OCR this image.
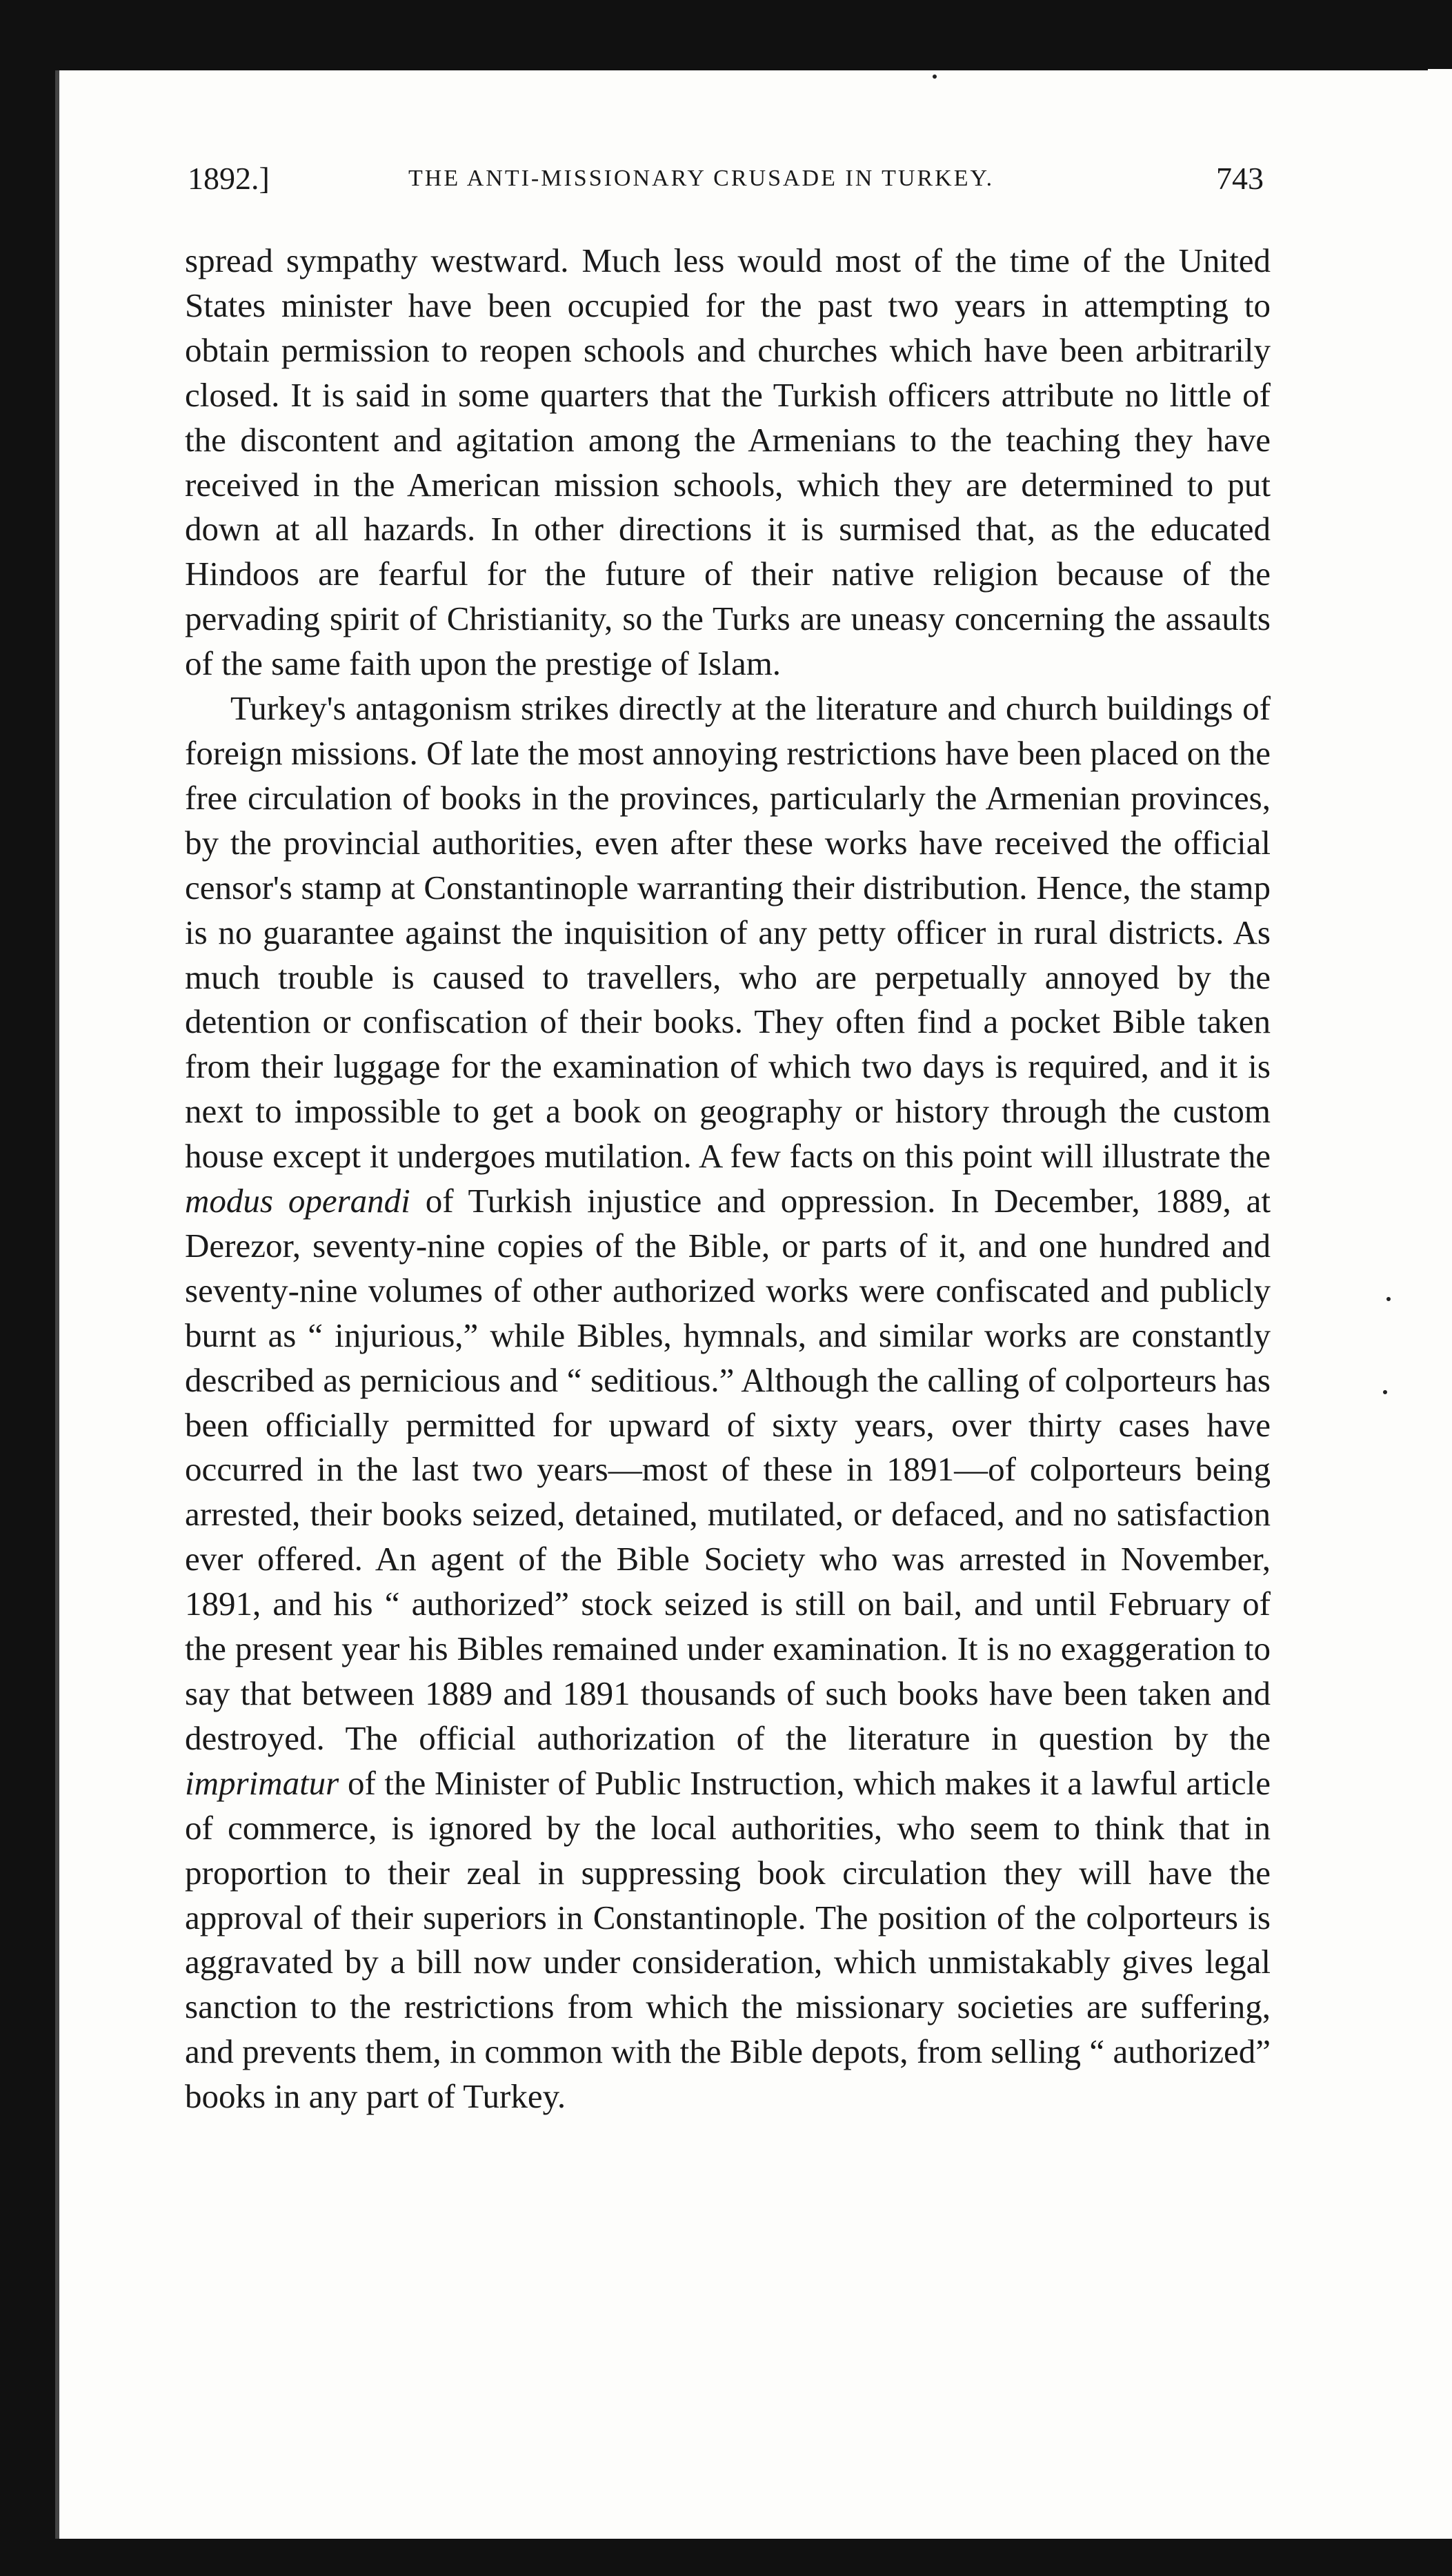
1892.]	THE ANTI-MISSIONARY CRUSADE IN TURKEY.	743

spread sympathy westward. Much less would most of the time of the United States minister have been occupied for the past two years in attempting to obtain permission to reopen schools and churches which have been arbitrarily closed. It is said in some quarters that the Turkish officers attribute no little of the discontent and agitation among the Armenians to the teaching they have received in the American mission schools, which they are determined to put down at all hazards. In other directions it is surmised that, as the educated Hindoos are fearful for the future of their native religion because of the pervading spirit of Christianity, so the Turks are uneasy concerning the assaults of the same faith upon the prestige of Islam.

Turkey's antagonism strikes directly at the literature and church buildings of foreign missions. Of late the most annoying restrictions have been placed on the free circulation of books in the provinces, particularly the Armenian provinces, by the provincial authorities, even after these works have received the official censor's stamp at Constantinople warranting their distribution. Hence, the stamp is no guarantee against the inquisition of any petty officer in rural districts. As much trouble is caused to travellers, who are perpetually annoyed by the detention or confiscation of their books. They often find a pocket Bible taken from their luggage for the examination of which two days is required, and it is next to impossible to get a book on geography or history through the custom house except it undergoes mutilation. A few facts on this point will illustrate the modus operandi of Turkish injustice and oppression. In December, 1889, at Derezor, seventy-nine copies of the Bible, or parts of it, and one hundred and seventy-nine volumes of other authorized works were confiscated and publicly burnt as “ injurious,” while Bibles, hymnals, and similar works are constantly described as pernicious and “ seditious.” Although the calling of colporteurs has been officially permitted for upward of sixty years, over thirty cases have occurred in the last two years—most of these in 1891—of colporteurs being arrested, their books seized, detained, mutilated, or defaced, and no satisfaction ever offered. An agent of the Bible Society who was arrested in November, 1891, and his “ authorized” stock seized is still on bail, and until February of the present year his Bibles remained under examination. It is no exaggeration to say that between 1889 and 1891 thousands of such books have been taken and destroyed. The official authorization of the literature in question by the imprimatur of the Minister of Public Instruction, which makes it a lawful article of commerce, is ignored by the local authorities, who seem to think that in proportion to their zeal in suppressing book circulation they will have the approval of their superiors in Constantinople. The position of the colporteurs is aggravated by a bill now under consideration, which unmistakably gives legal sanction to the restrictions from which the missionary societies are suffering, and prevents them, in common with the Bible depots, from selling “ authorized” books in any part of Turkey.
